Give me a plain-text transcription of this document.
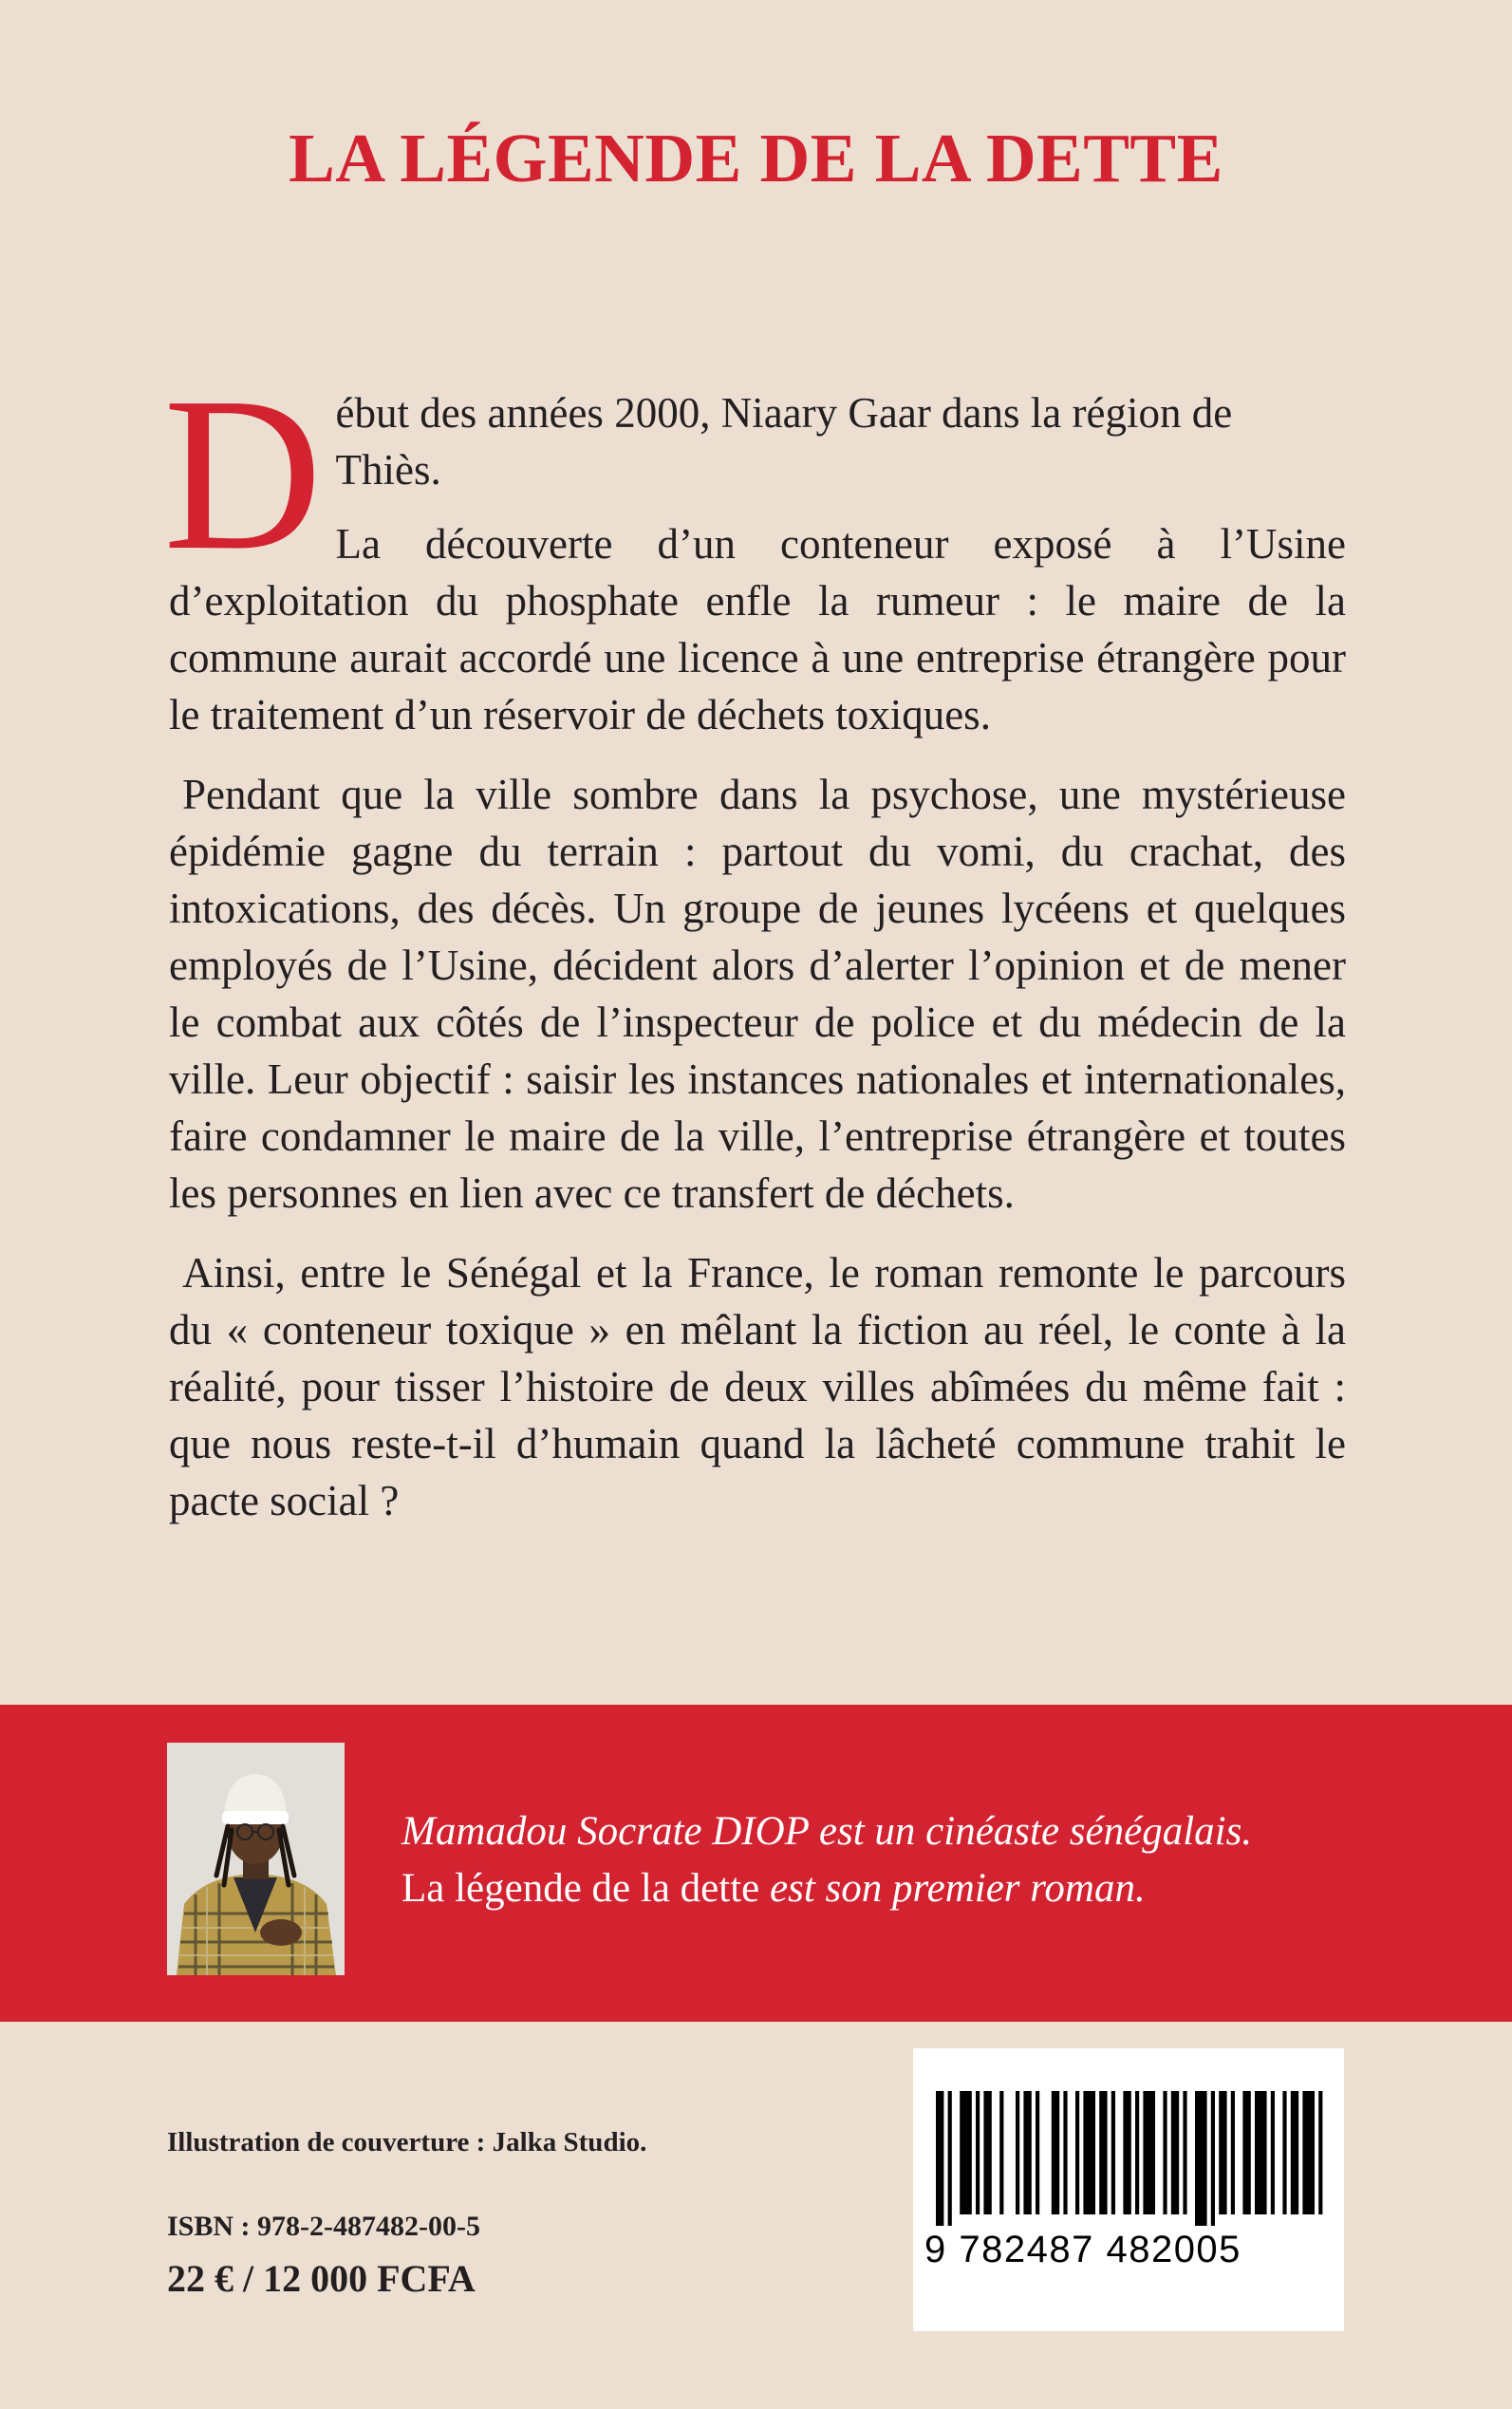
LA LÉGENDE DE LA DETTE

Début des années 2000, Niaary Gaar dans la région de
Thiès.

La découverte d’un conteneur exposé à l’Usine
d’exploitation du phosphate enfle la rumeur : le maire de la commune aurait accordé une licence à une entreprise étrangère pour le traitement d’un réservoir de déchets toxiques.

Pendant que la ville sombre dans la psychose, une mystérieuse épidémie gagne du terrain : partout du vomi, du crachat, des intoxications, des décès. Un groupe de jeunes lycéens et quelques employés de l’Usine, décident alors d’alerter l’opinion et de mener le combat aux côtés de l’inspecteur de police et du médecin de la ville. Leur objectif : saisir les instances nationales et internationales, faire condamner le maire de la ville, l’entreprise étrangère et toutes les personnes en lien avec ce transfert de déchets.

Ainsi, entre le Sénégal et la France, le roman remonte le parcours du « conteneur toxique » en mêlant la fiction au réel, le conte à la réalité, pour tisser l’histoire de deux villes abîmées du même fait : que nous reste-t-il d’humain quand la lâcheté commune trahit le pacte social ?

Mamadou Socrate DIOP est un cinéaste sénégalais.

La légende de la dette est son premier roman.

Illustration de couverture : Jalka Studio.

ISBN : 978-2-487482-00-5

22 € / 12 000 FCFA

9 782487 482005
